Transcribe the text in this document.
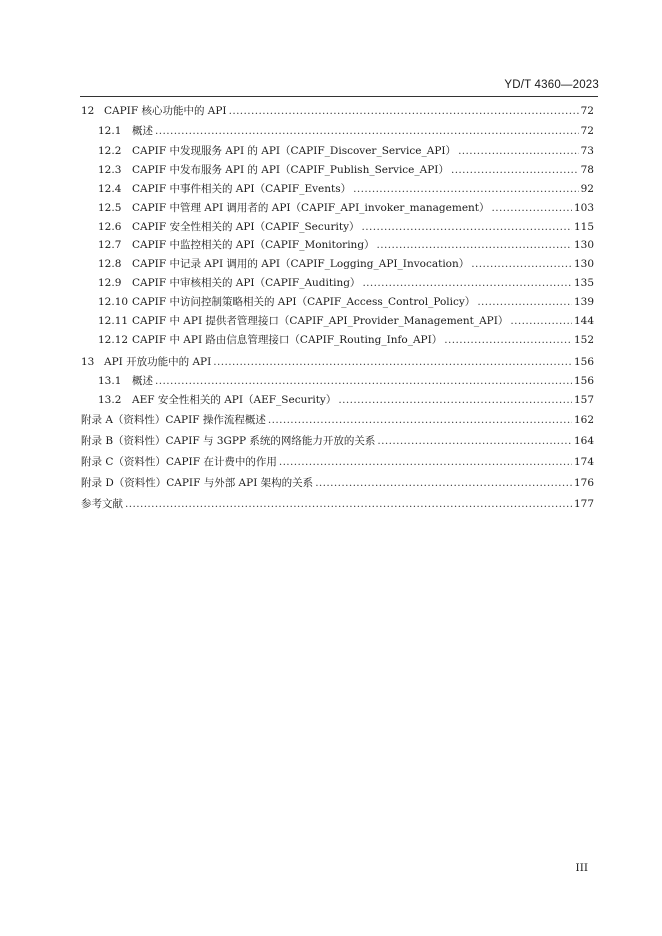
YD/T 4360—2023
12 CAPIF 核心功能中的 API .....	72
12.1	概述 .....	72
12.2	CAPIF 中发现服务 API 的 API（CAPIF_Discover_Service_API） .....	73
12.3	CAPIF 中发布服务 API 的 API（CAPIF_Publish_Service_API） .....	78
12.4	CAPIF 中事件相关的 API（CAPIF_Events） .....	92
12.5	CAPIF 中管理 API 调用者的 API（CAPIF_API_invoker_management） .....	103
12.6	CAPIF 安全性相关的 API（CAPIF_Security） .....	115
12.7	CAPIF 中监控相关的 API（CAPIF_Monitoring） .....	130
12.8	CAPIF 中记录 API 调用的 API（CAPIF_Logging_API_Invocation） .....	130
12.9	CAPIF 中审核相关的 API（CAPIF_Auditing） .....	135
12.10 CAPIF 中访问控制策略相关的 API（CAPIF_Access_Control_Policy） .....	139
12.11 CAPIF 中 API 提供者管理接口（CAPIF_API_Provider_Management_API） .....	144
12.12 CAPIF 中 API 路由信息管理接口（CAPIF_Routing_Info_API） .....	152
13 API 开放功能中的 API .....	156
13.1	概述 .....	156
13.2	AEF 安全性相关的 API（AEF_Security） .....	157
附录 A（资料性）CAPIF 操作流程概述 .....	162
附录 B（资料性）CAPIF 与 3GPP 系统的网络能力开放的关系 .....	164
附录 C（资料性）CAPIF 在计费中的作用 .....	174
附录 D（资料性）CAPIF 与外部 API 架构的关系 .....	176
参考文献 .....	177
III
